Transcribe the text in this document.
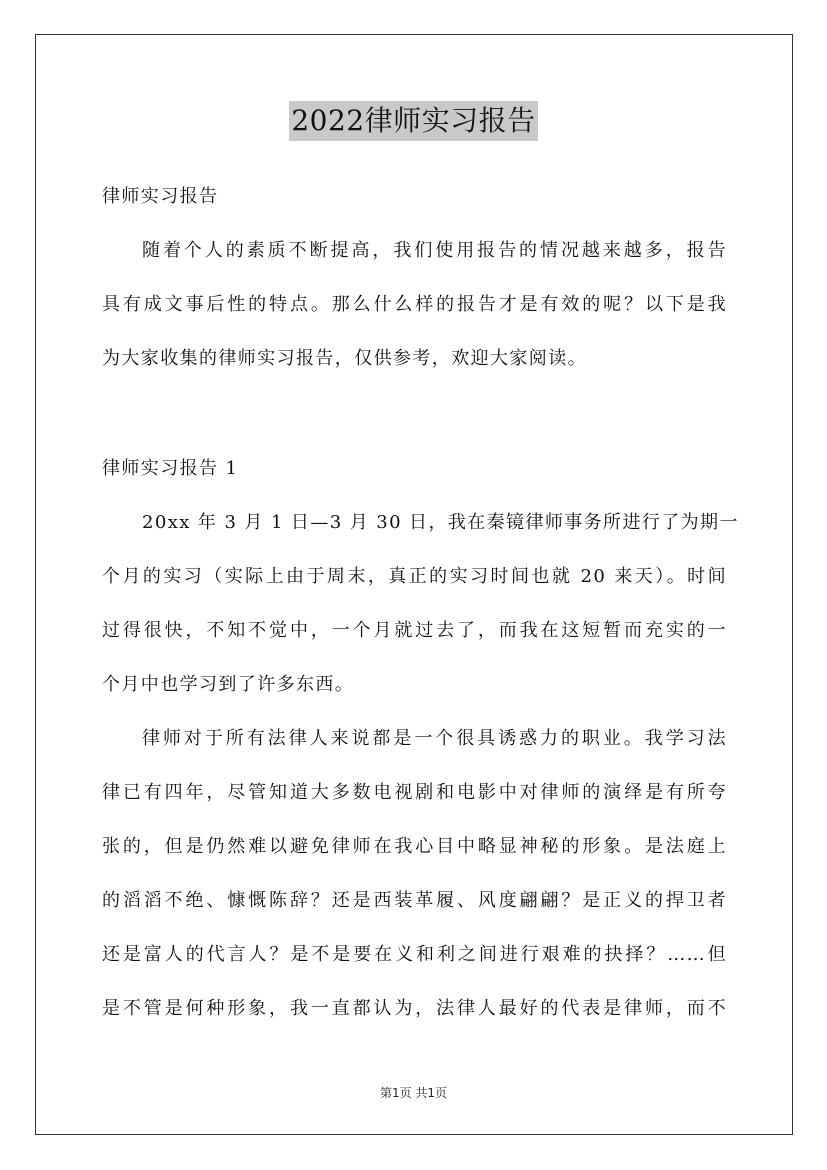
2022律师实习报告
律师实习报告
随着个人的素质不断提高，我们使用报告的情况越来越多，报告
具有成文事后性的特点。那么什么样的报告才是有效的呢？以下是我
为大家收集的律师实习报告，仅供参考，欢迎大家阅读。
律师实习报告 1
20xx 年 3 月 1 日—3 月 30 日，我在秦镜律师事务所进行了为期一
个月的实习（实际上由于周末，真正的实习时间也就 20 来天）。时间
过得很快，不知不觉中，一个月就过去了，而我在这短暂而充实的一
个月中也学习到了许多东西。
律师对于所有法律人来说都是一个很具诱惑力的职业。我学习法
律已有四年，尽管知道大多数电视剧和电影中对律师的演绎是有所夸
张的，但是仍然难以避免律师在我心目中略显神秘的形象。是法庭上
的滔滔不绝、慷慨陈辞？还是西装革履、风度翩翩？是正义的捍卫者
还是富人的代言人？是不是要在义和利之间进行艰难的抉择？……但
是不管是何种形象，我一直都认为，法律人最好的代表是律师，而不
第1页 共1页
